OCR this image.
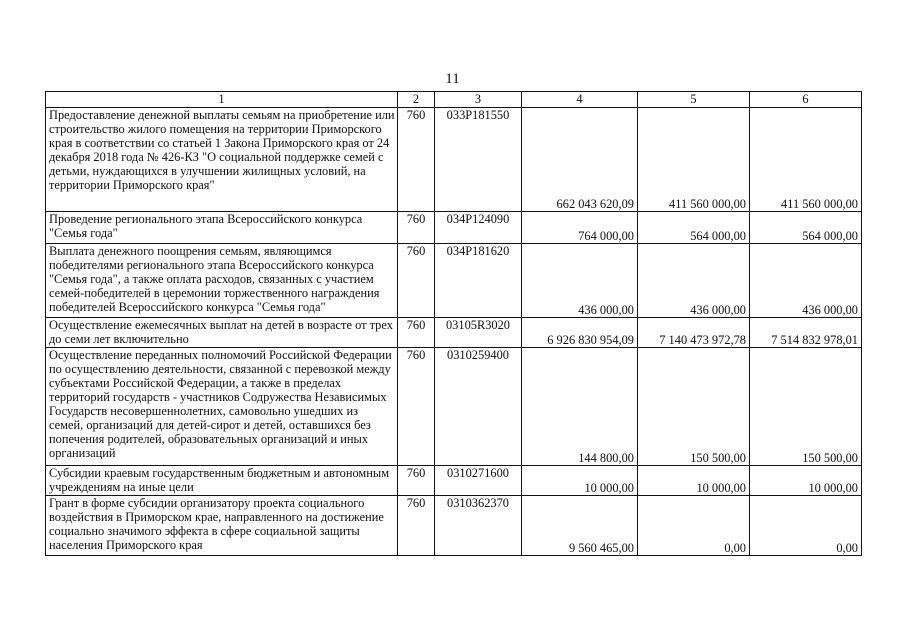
11
1	2	3	4	5	6
Предоставление денежной выплаты семьям на приобретение или строительство жилого помещения на территории Приморского края в соответствии со статьей 1 Закона Приморского края от 24 декабря 2018 года № 426-КЗ "О социальной поддержке семей с детьми, нуждающихся в улучшении жилищных условий, на территории Приморского края"	760	033P181550	662 043 620,09	411 560 000,00	411 560 000,00
Проведение регионального этапа Всероссийского конкурса "Семья года"	760	034P124090	764 000,00	564 000,00	564 000,00
Выплата денежного поощрения семьям, являющимся победителями регионального этапа Всероссийского конкурса "Семья года", а также оплата расходов, связанных с участием семей-победителей в церемонии торжественного награждения победителей Всероссийского конкурса "Семья года"	760	034P181620	436 000,00	436 000,00	436 000,00
Осуществление ежемесячных выплат на детей в возрасте от трех до семи лет включительно	760	03105R3020	6 926 830 954,09	7 140 473 972,78	7 514 832 978,01
Осуществление переданных полномочий Российской Федерации по осуществлению деятельности, связанной с перевозкой между субъектами Российской Федерации, а также в пределах территорий государств - участников Содружества Независимых Государств несовершеннолетних, самовольно ушедших из семей, организаций для детей-сирот и детей, оставшихся без попечения родителей, образовательных организаций и иных организаций	760	0310259400	144 800,00	150 500,00	150 500,00
Субсидии краевым государственным бюджетным и автономным учреждениям на иные цели	760	0310271600	10 000,00	10 000,00	10 000,00
Грант в форме субсидии организатору проекта социального воздействия в Приморском крае, направленного на достижение социально значимого эффекта в сфере социальной защиты населения Приморского края	760	0310362370	9 560 465,00	0,00	0,00
